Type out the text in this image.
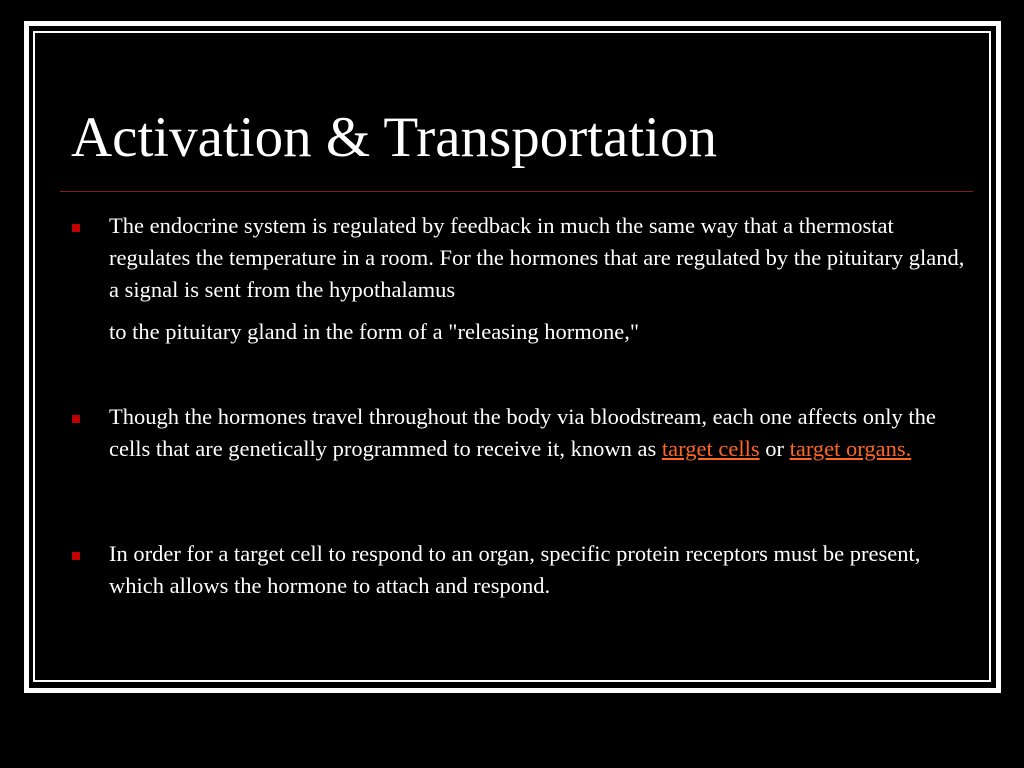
Activation & Transportation
The endocrine system is regulated by feedback in much the same way that a thermostat regulates the temperature in a room. For the hormones that are regulated by the pituitary gland, a signal is sent from the hypothalamus
to the pituitary gland in the form of a "releasing hormone,"
Though the hormones travel throughout the body via bloodstream, each one affects only the cells that are genetically programmed to receive it, known as target cells or target organs.
In order for a target cell to respond to an organ, specific protein receptors must be present, which allows the hormone to attach and respond.
